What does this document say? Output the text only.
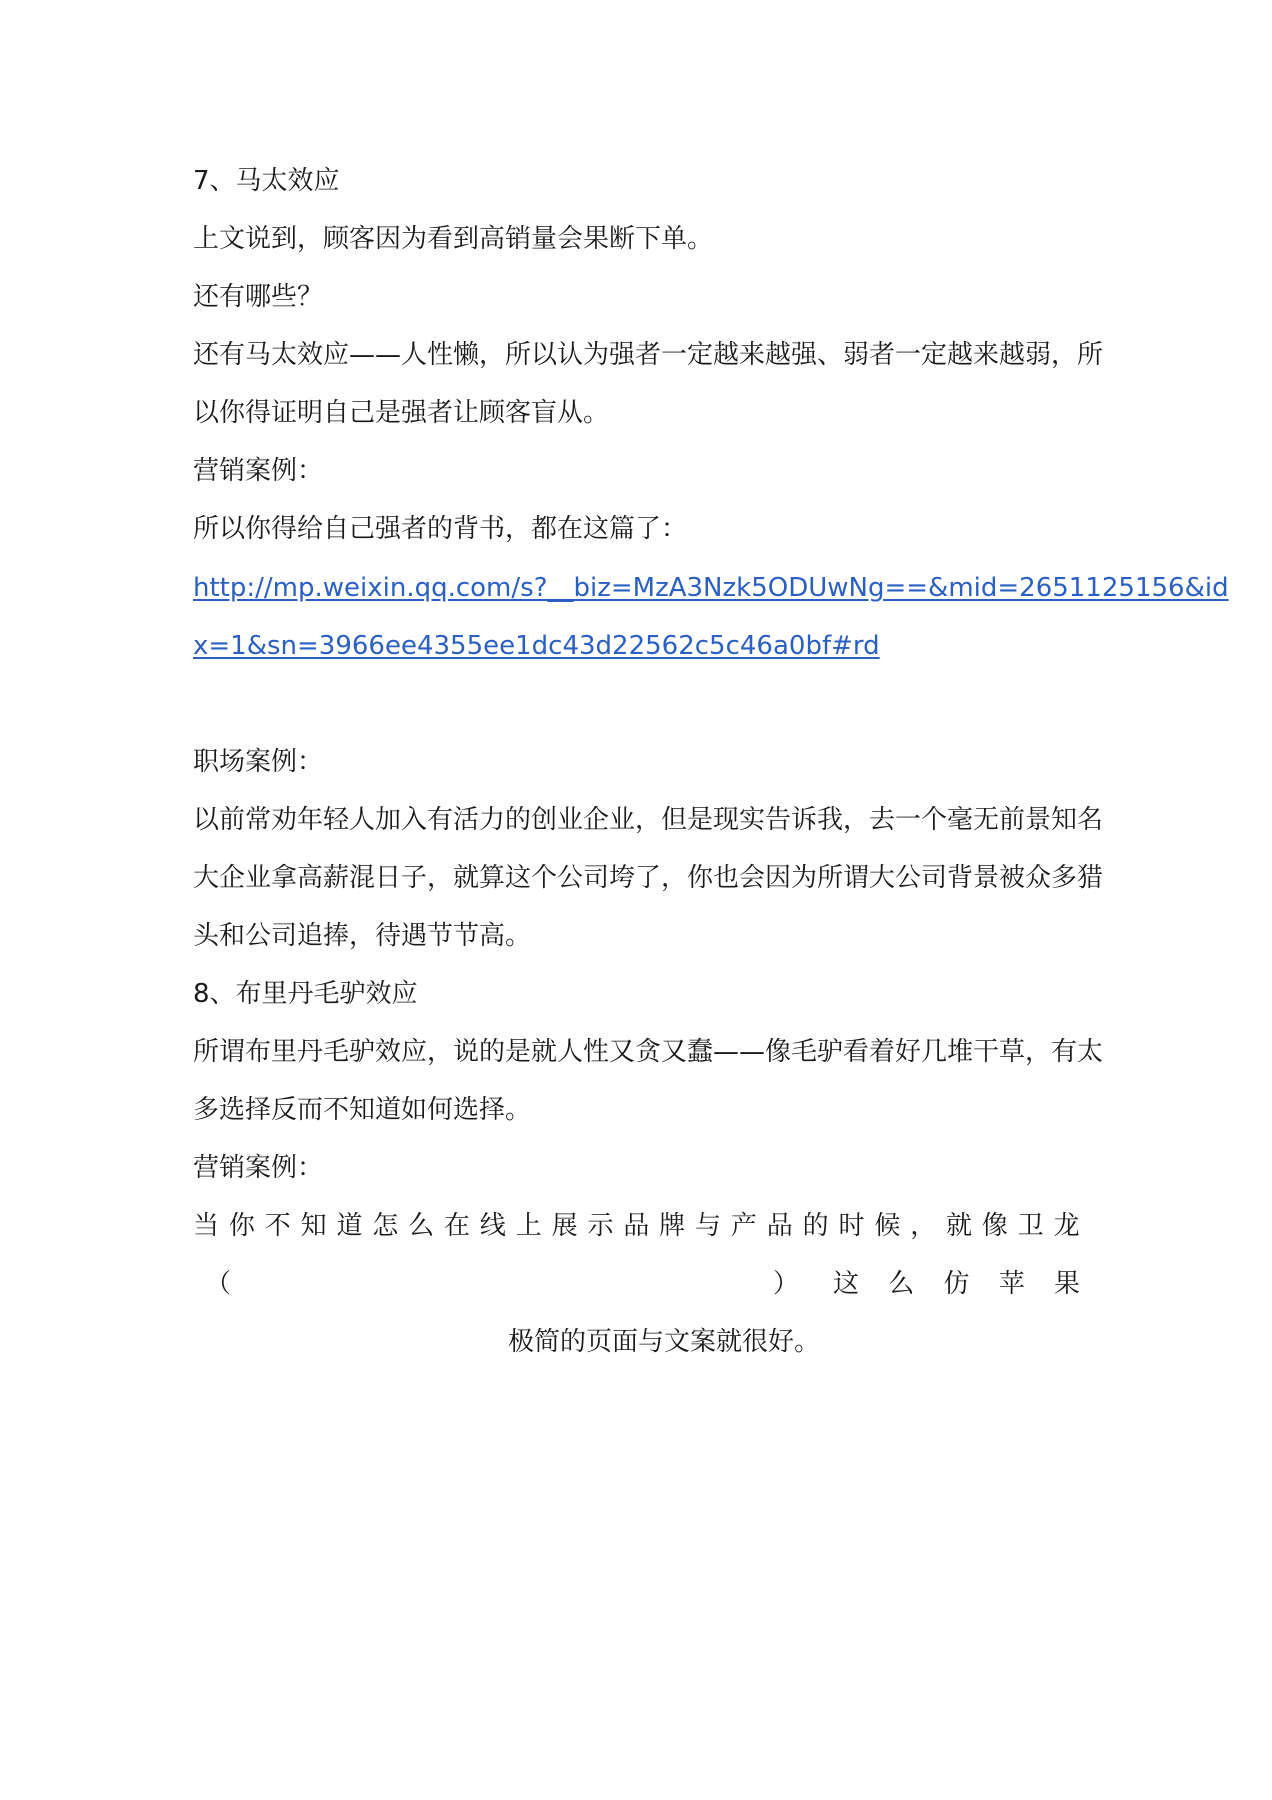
7、马太效应
上文说到，顾客因为看到高销量会果断下单。
还有哪些？
还有马太效应——人性懒，所以认为强者一定越来越强、弱者一定越来越弱，所
以你得证明自己是强者让顾客盲从。
营销案例：
所以你得给自己强者的背书，都在这篇了：
http://mp.weixin.qq.com/s?__biz=MzA3Nzk5ODUwNg==&mid=2651125156&id
x=1&sn=3966ee4355ee1dc43d22562c5c46a0bf#rd
职场案例：
以前常劝年轻人加入有活力的创业企业，但是现实告诉我，去一个毫无前景知名
大企业拿高薪混日子，就算这个公司垮了，你也会因为所谓大公司背景被众多猎
头和公司追捧，待遇节节高。
8、布里丹毛驴效应
所谓布里丹毛驴效应，说的是就人性又贪又蠢——像毛驴看着好几堆干草，有太
多选择反而不知道如何选择。
营销案例：
当 你 不 知 道 怎 么 在 线 上 展 示 品 牌 与 产 品 的 时 候 ， 就 像 卫 龙
（	） 这 么 仿 苹 果
极简的页面与文案就很好。
